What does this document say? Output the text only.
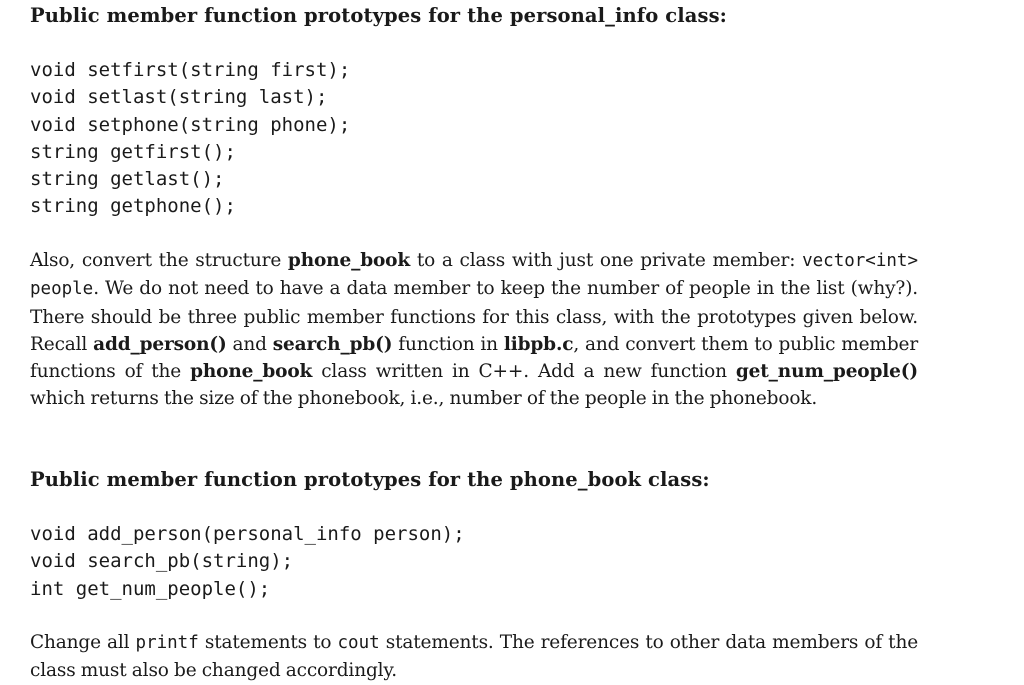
Public member function prototypes for the personal_info class:
void setfirst(string first);
void setlast(string last);
void setphone(string phone);
string getfirst();
string getlast();
string getphone();
Also, convert the structure phone_book to a class with just one private member: vector<int> people. We do not need to have a data member to keep the number of people in the list (why?). There should be three public member functions for this class, with the prototypes given below. Recall add_person() and search_pb() function in libpb.c, and convert them to public member functions of the phone_book class written in C++. Add a new function get_num_people() which returns the size of the phonebook, i.e., number of the people in the phonebook.
Public member function prototypes for the phone_book class:
void add_person(personal_info person);
void search_pb(string);
int get_num_people();
Change all printf statements to cout statements. The references to other data members of the class must also be changed accordingly.
